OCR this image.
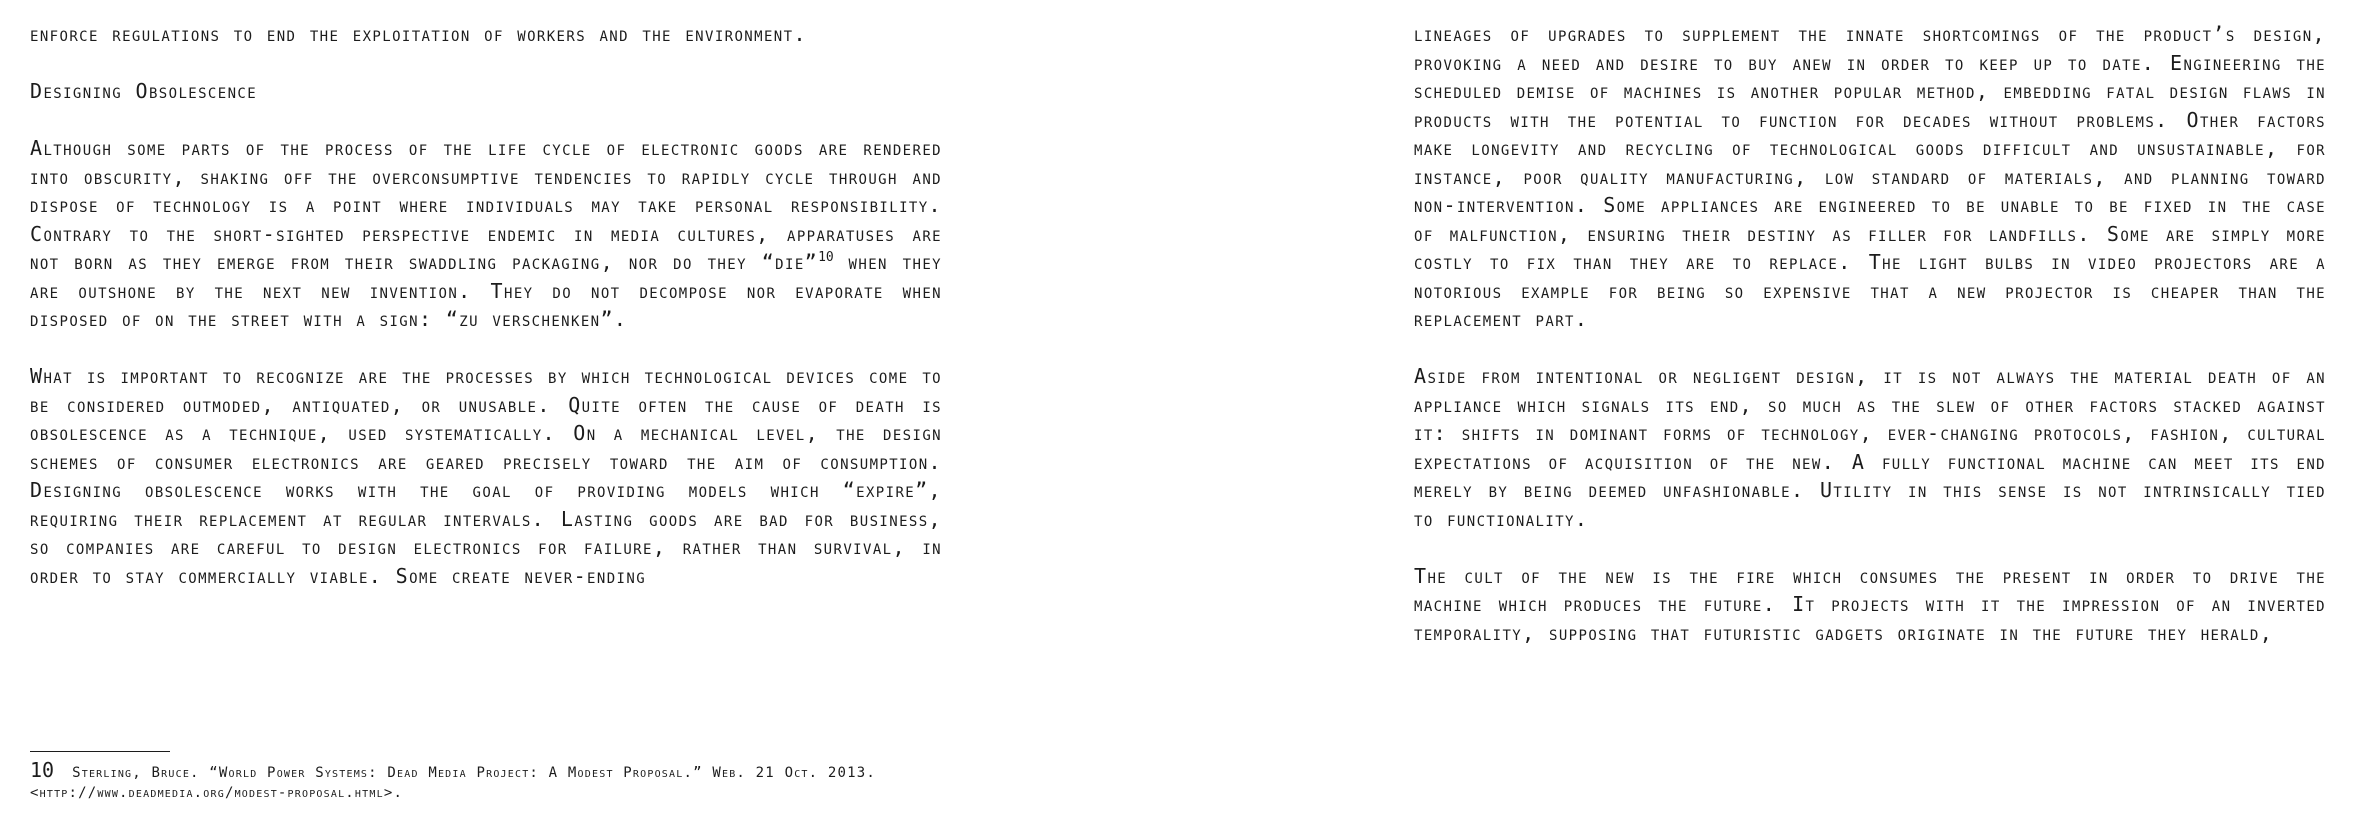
enforce regulations to end the exploitation of workers and the environment.

Designing Obsolescence

Although some parts of the process of the life cycle of electronic goods are rendered into obscurity, shaking off the overconsumptive tendencies to rapidly cycle through and dispose of technology is a point where individuals may take personal responsibility. Contrary to the short-sighted perspective endemic in media cultures, apparatuses are not born as they emerge from their swaddling packaging, nor do they “die”$^{10}$ when they are outshone by the next new invention. They do not decompose nor evaporate when disposed of on the street with a sign: “zu verschenken”.

What is important to recognize are the processes by which technological devices come to be considered outmoded, antiquated, or unusable. Quite often the cause of death is obsolescence as a technique, used systematically. On a mechanical level, the design schemes of consumer electronics are geared precisely toward the aim of consumption. Designing obsolescence works with the goal of providing models which “expire”, requiring their replacement at regular intervals. Lasting goods are bad for business, so companies are careful to design electronics for failure, rather than survival, in order to stay commercially viable. Some create never-ending

10 Sterling, Bruce. “World Power Systems: Dead Media Project: A Modest Proposal.” Web. 21 Oct. 2013. <http://www.deadmedia.org/modest-proposal.html>.

lineages of upgrades to supplement the innate shortcomings of the product’s design, provoking a need and desire to buy anew in order to keep up to date. Engineering the scheduled demise of machines is another popular method, embedding fatal design flaws in products with the potential to function for decades without problems. Other factors make longevity and recycling of technological goods difficult and unsustainable, for instance, poor quality manufacturing, low standard of materials, and planning toward non-intervention. Some appliances are engineered to be unable to be fixed in the case of malfunction, ensuring their destiny as filler for landfills. Some are simply more costly to fix than they are to replace. The light bulbs in video projectors are a notorious example for being so expensive that a new projector is cheaper than the replacement part.

Aside from intentional or negligent design, it is not always the material death of an appliance which signals its end, so much as the slew of other factors stacked against it: shifts in dominant forms of technology, ever-changing protocols, fashion, cultural expectations of acquisition of the new. A fully functional machine can meet its end merely by being deemed unfashionable. Utility in this sense is not intrinsically tied to functionality.

The cult of the new is the fire which consumes the present in order to drive the machine which produces the future. It projects with it the impression of an inverted temporality, supposing that futuristic gadgets originate in the future they herald,
